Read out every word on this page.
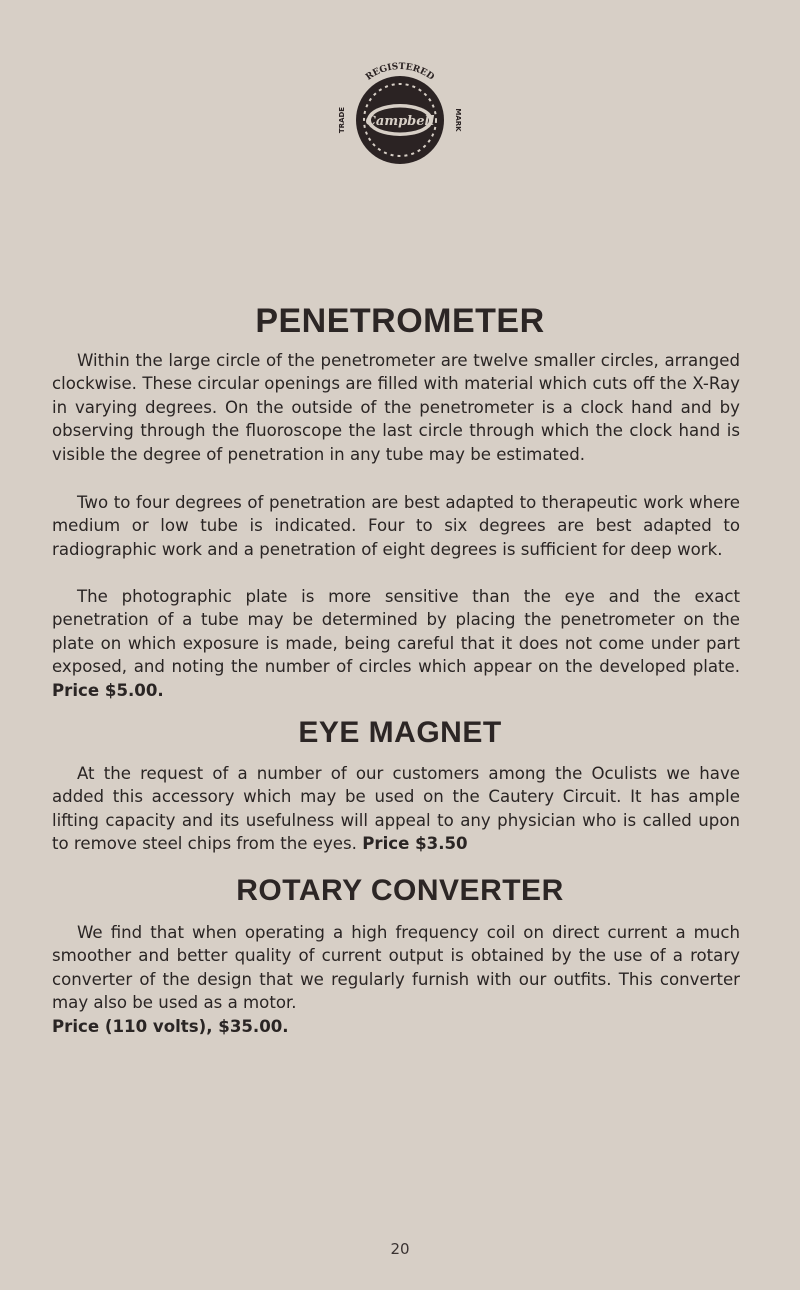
REGISTERED
Campbell
TRADE	MARK
PENETROMETER

Within the large circle of the penetrometer are twelve smaller circles, arranged clockwise. These circular openings are filled with material which cuts off the X-Ray in varying degrees. On the outside of the penetrometer is a clock hand and by observing through the fluoroscope the last circle through which the clock hand is visible the degree of penetration in any tube may be estimated.

Two to four degrees of penetration are best adapted to therapeutic work where medium or low tube is indicated. Four to six degrees are best adapted to radiographic work and a penetration of eight degrees is sufficient for deep work.

The photographic plate is more sensitive than the eye and the exact penetration of a tube may be determined by placing the penetrometer on the plate on which exposure is made, being careful that it does not come under part exposed, and noting the number of circles which appear on the developed plate. Price $5.00.

EYE MAGNET

At the request of a number of our customers among the Oculists we have added this accessory which may be used on the Cautery Circuit. It has ample lifting capacity and its usefulness will appeal to any physician who is called upon to remove steel chips from the eyes. Price $3.50

ROTARY CONVERTER

We find that when operating a high frequency coil on direct current a much smoother and better quality of current output is obtained by the use of a rotary converter of the design that we regularly furnish with our outfits. This converter may also be used as a motor.
Price (110 volts), $35.00.

20
